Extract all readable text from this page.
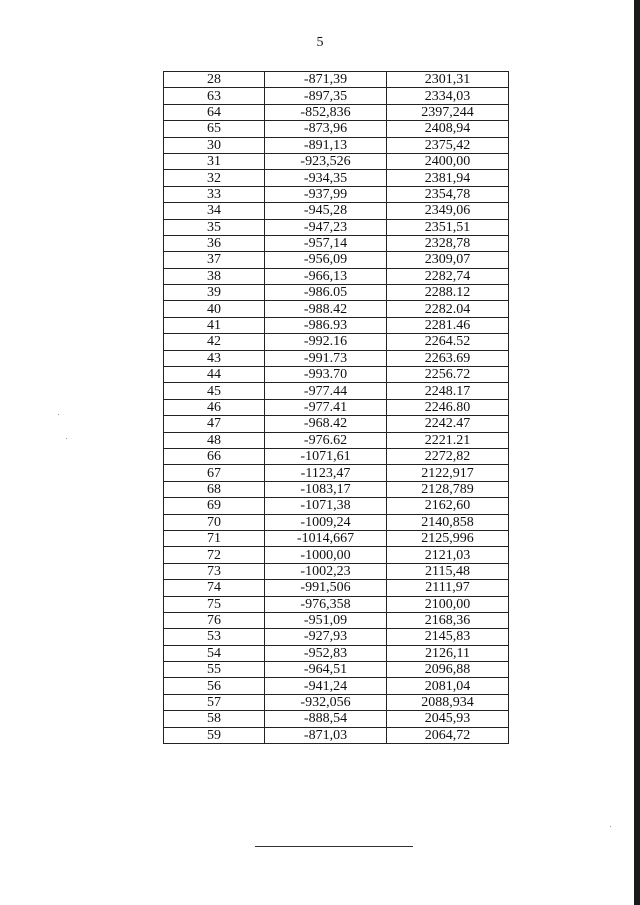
5
28	-871,39	2301,31
63	-897,35	2334,03
64	-852,836	2397,244
65	-873,96	2408,94
30	-891,13	2375,42
31	-923,526	2400,00
32	-934,35	2381,94
33	-937,99	2354,78
34	-945,28	2349,06
35	-947,23	2351,51
36	-957,14	2328,78
37	-956,09	2309,07
38	-966,13	2282,74
39	-986.05	2288.12
40	-988.42	2282.04
41	-986.93	2281.46
42	-992.16	2264.52
43	-991.73	2263.69
44	-993.70	2256.72
45	-977.44	2248.17
46	-977.41	2246.80
47	-968.42	2242.47
48	-976.62	2221.21
66	-1071,61	2272,82
67	-1123,47	2122,917
68	-1083,17	2128,789
69	-1071,38	2162,60
70	-1009,24	2140,858
71	-1014,667	2125,996
72	-1000,00	2121,03
73	-1002,23	2115,48
74	-991,506	2111,97
75	-976,358	2100,00
76	-951,09	2168,36
53	-927,93	2145,83
54	-952,83	2126,11
55	-964,51	2096,88
56	-941,24	2081,04
57	-932,056	2088,934
58	-888,54	2045,93
59	-871,03	2064,72
